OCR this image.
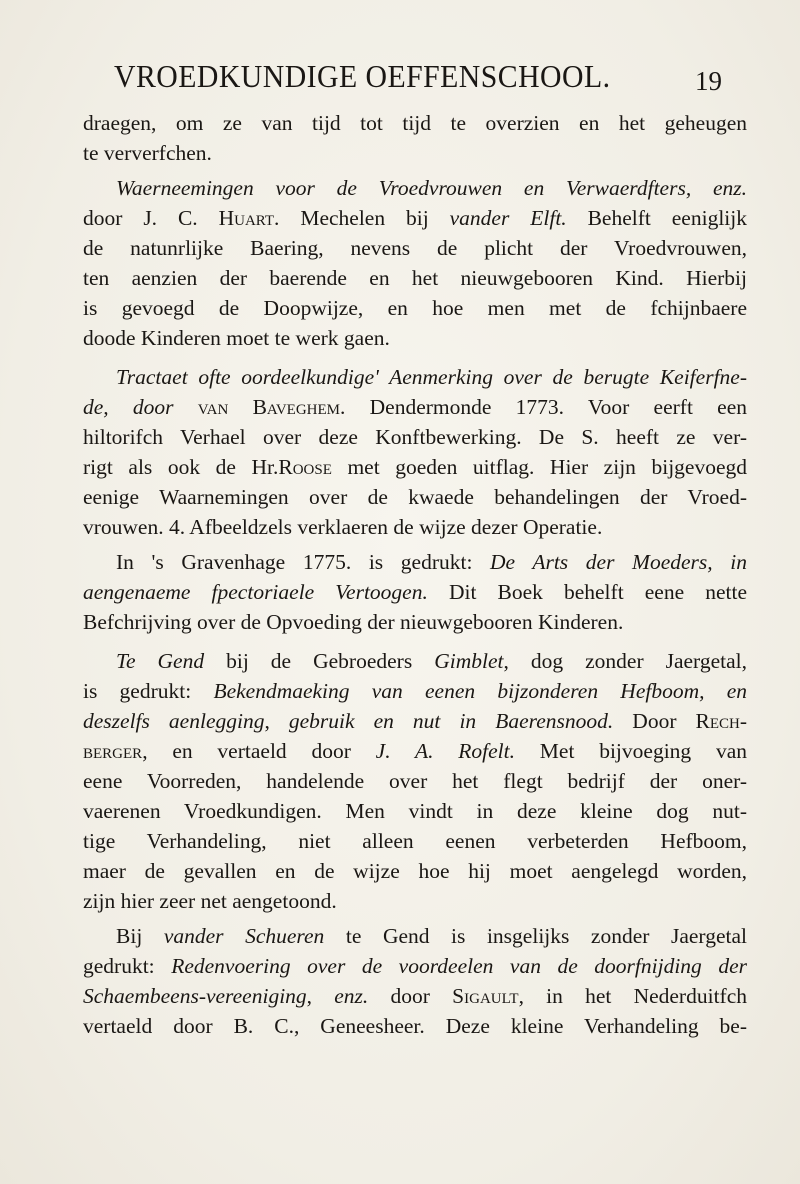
VROEDKUNDIGE OEFFENSCHOOL.	19

draegen, om ze van tijd tot tijd te overzien en het geheugen
te ververfchen.

Waerneemingen voor de Vroedvrouwen en Verwaerdfters, enz.
door J. C. Huart. Mechelen bij vander Elft. Behelft eeniglijk
de natunrlijke Baering, nevens de plicht der Vroedvrouwen,
ten aenzien der baerende en het nieuwgebooren Kind. Hierbij
is gevoegd de Doopwijze, en hoe men met de fchijnbaere
doode Kinderen moet te werk gaen.

Tractaet ofte oordeelkundige' Aenmerking over de berugte Keiferfne-
de, door van Baveghem. Dendermonde 1773. Voor eerft een
hiltorifch Verhael over deze Konftbewerking. De S. heeft ze ver-
rigt als ook de Hr.Roose met goeden uitflag. Hier zijn bijgevoegd
eenige Waarnemingen over de kwaede behandelingen der Vroed-
vrouwen. 4. Afbeeldzels verklaeren de wijze dezer Operatie.

In 's Gravenhage 1775. is gedrukt: De Arts der Moeders, in
aengenaeme fpectoriaele Vertoogen. Dit Boek behelft eene nette
Befchrijving over de Opvoeding der nieuwgebooren Kinderen.

Te Gend bij de Gebroeders Gimblet, dog zonder Jaergetal,
is gedrukt: Bekendmaeking van eenen bijzonderen Hefboom, en
deszelfs aenlegging, gebruik en nut in Baerensnood. Door Rech-
berger, en vertaeld door J. A. Rofelt. Met bijvoeging van
eene Voorreden, handelende over het flegt bedrijf der oner-
vaerenen Vroedkundigen. Men vindt in deze kleine dog nut-
tige Verhandeling, niet alleen eenen verbeterden Hefboom,
maer de gevallen en de wijze hoe hij moet aengelegd worden,
zijn hier zeer net aengetoond.

Bij vander Schueren te Gend is insgelijks zonder Jaergetal
gedrukt: Redenvoering over de voordeelen van de doorfnijding der
Schaembeens-vereeniging, enz. door Sigault, in het Nederduitfch
vertaeld door B. C., Geneesheer. Deze kleine Verhandeling be-
